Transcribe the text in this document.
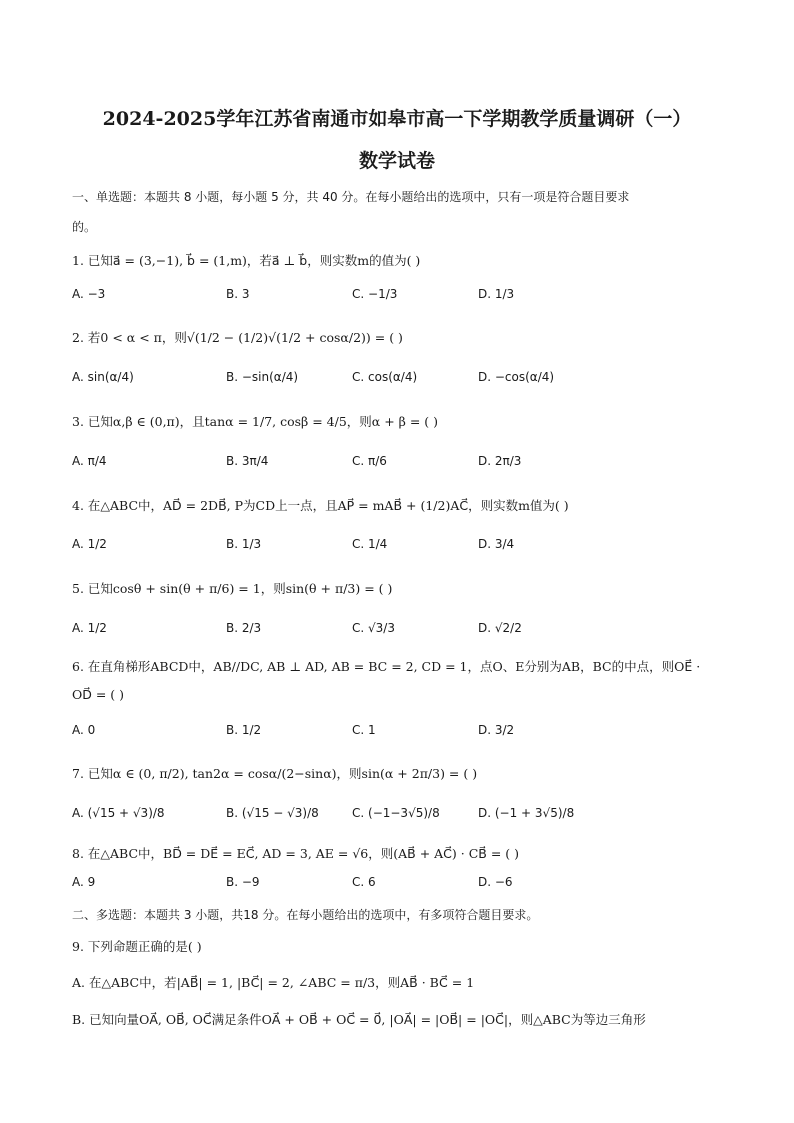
2024-2025学年江苏省南通市如皋市高一下学期教学质量调研（一）
数学试卷
一、单选题：本题共 8 小题，每小题 5 分，共 40 分。在每小题给出的选项中，只有一项是符合题目要求
的。
1. 已知a⃗ = (3,−1), b⃗ = (1,m)，若a⃗ ⊥ b⃗，则实数m的值为( )
A. −3	B. 3	C. −1/3	D. 1/3
2. 若0 < α < π，则√(1/2 − (1/2)√(1/2 + cosα/2)) = ( )
A. sin(α/4)	B. −sin(α/4)	C. cos(α/4)	D. −cos(α/4)
3. 已知α,β ∈ (0,π)，且tanα = 1/7, cosβ = 4/5，则α + β = ( )
A. π/4	B. 3π/4	C. π/6	D. 2π/3
4. 在△ABC中，AD⃗ = 2DB⃗, P为CD上一点，且AP⃗ = mAB⃗ + (1/2)AC⃗，则实数m值为( )
A. 1/2	B. 1/3	C. 1/4	D. 3/4
5. 已知cosθ + sin(θ + π/6) = 1，则sin(θ + π/3) = ( )
A. 1/2	B. 2/3	C. √3/3	D. √2/2
6. 在直角梯形ABCD中，AB//DC, AB ⊥ AD, AB = BC = 2, CD = 1，点O、E分别为AB，BC的中点，则OE⃗ ·
OD⃗ = ( )
A. 0	B. 1/2	C. 1	D. 3/2
7. 已知α ∈ (0, π/2), tan2α = cosα/(2−sinα)，则sin(α + 2π/3) = ( )
A. (√15 + √3)/8	B. (√15 − √3)/8	C. (−1−3√5)/8	D. (−1 + 3√5)/8
8. 在△ABC中，BD⃗ = DE⃗ = EC⃗, AD = 3, AE = √6，则(AB⃗ + AC⃗) · CB⃗ = ( )
A. 9	B. −9	C. 6	D. −6
二、多选题：本题共 3 小题，共18 分。在每小题给出的选项中，有多项符合题目要求。
9. 下列命题正确的是( )
A. 在△ABC中，若|AB⃗| = 1, |BC⃗| = 2, ∠ABC = π/3，则AB⃗ · BC⃗ = 1
B. 已知向量OA⃗, OB⃗, OC⃗满足条件OA⃗ + OB⃗ + OC⃗ = 0⃗, |OA⃗| = |OB⃗| = |OC⃗|，则△ABC为等边三角形
